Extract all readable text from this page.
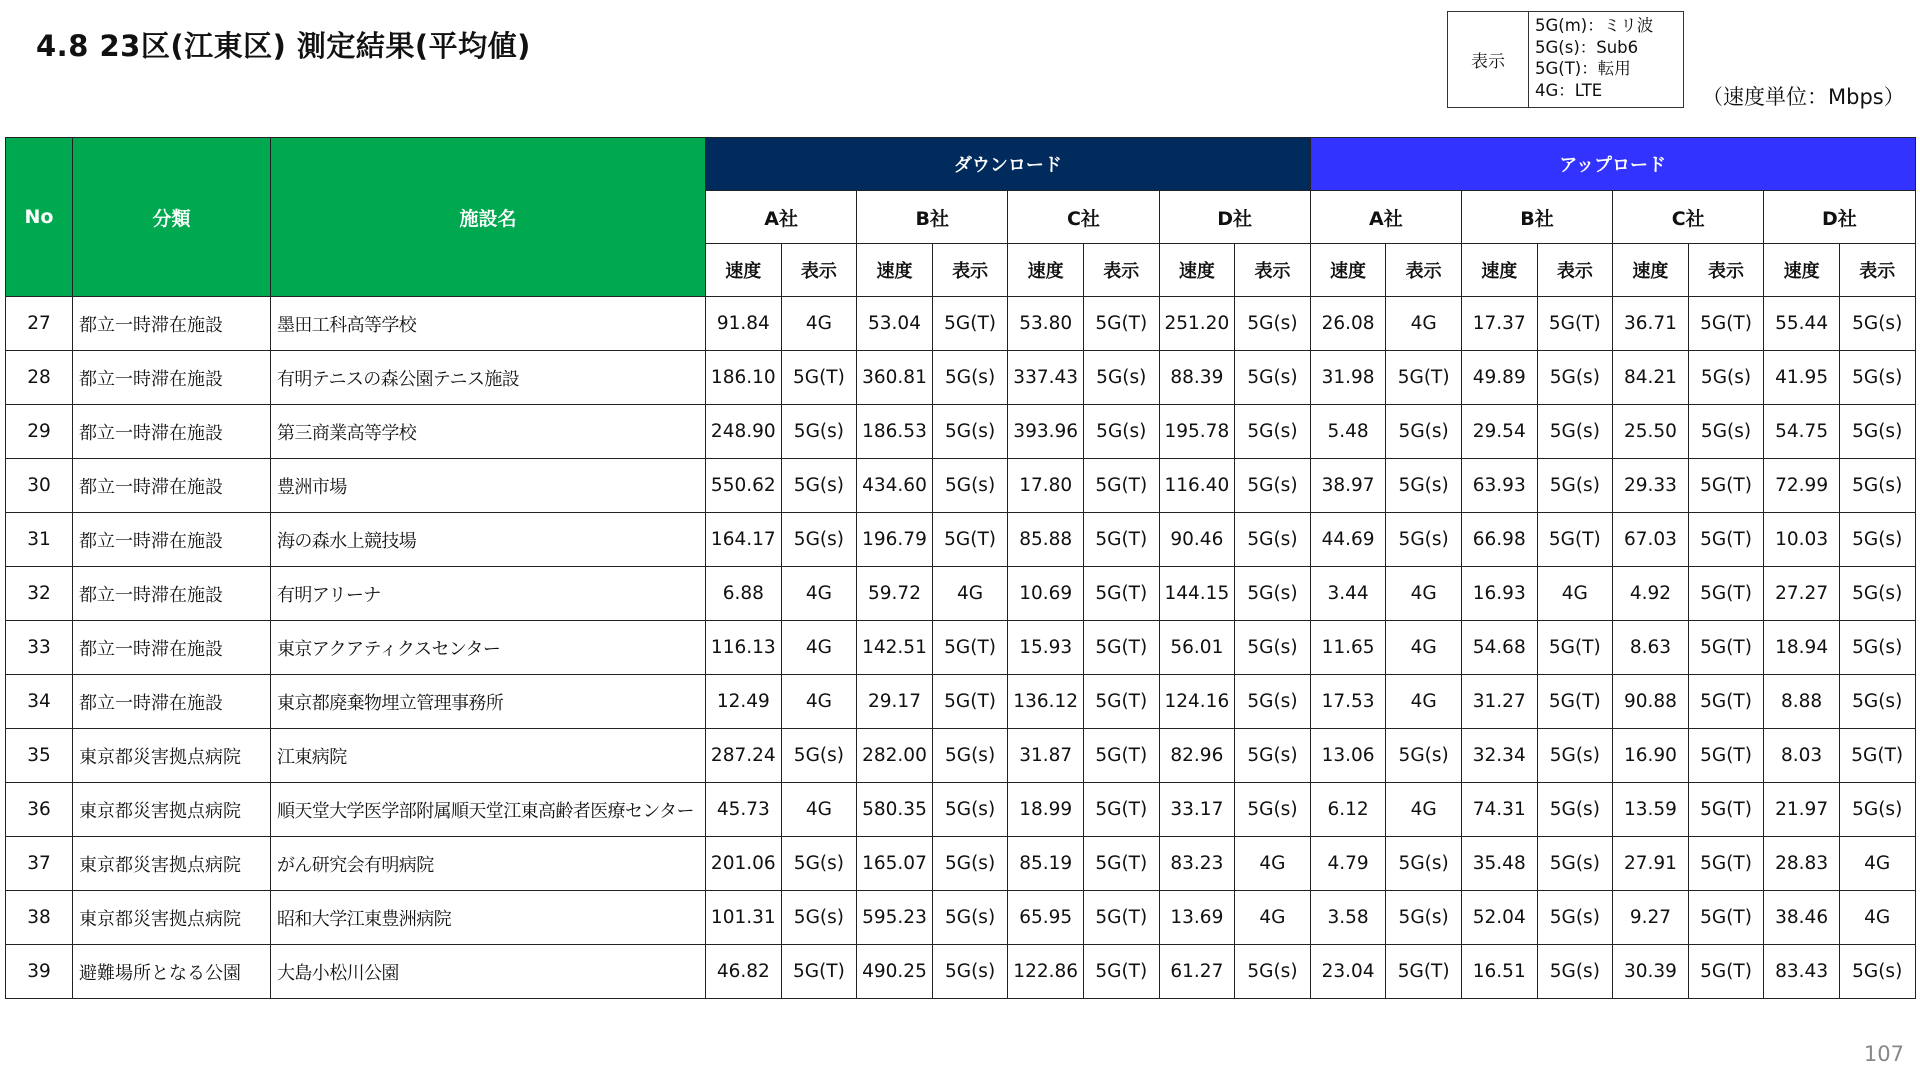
4.8 23区(江東区) 測定結果(平均値)	表示
5G(m)：ミリ波
5G(s)：Sub6
5G(T)：転用
4G：LTE	（速度単位：Mbps）
No	分類	施設名	ダウンロード								アップロード							
			A社		B社		C社		D社		A社		B社		C社		D社	
			速度	表示	速度	表示	速度	表示	速度	表示	速度	表示	速度	表示	速度	表示	速度	表示
27	都立一時滞在施設	墨田工科高等学校	91.84	4G	53.04	5G(T)	53.80	5G(T)	251.20	5G(s)	26.08	4G	17.37	5G(T)	36.71	5G(T)	55.44	5G(s)
28	都立一時滞在施設	有明テニスの森公園テニス施設	186.10	5G(T)	360.81	5G(s)	337.43	5G(s)	88.39	5G(s)	31.98	5G(T)	49.89	5G(s)	84.21	5G(s)	41.95	5G(s)
29	都立一時滞在施設	第三商業高等学校	248.90	5G(s)	186.53	5G(s)	393.96	5G(s)	195.78	5G(s)	5.48	5G(s)	29.54	5G(s)	25.50	5G(s)	54.75	5G(s)
30	都立一時滞在施設	豊洲市場	550.62	5G(s)	434.60	5G(s)	17.80	5G(T)	116.40	5G(s)	38.97	5G(s)	63.93	5G(s)	29.33	5G(T)	72.99	5G(s)
31	都立一時滞在施設	海の森水上競技場	164.17	5G(s)	196.79	5G(T)	85.88	5G(T)	90.46	5G(s)	44.69	5G(s)	66.98	5G(T)	67.03	5G(T)	10.03	5G(s)
32	都立一時滞在施設	有明アリーナ	6.88	4G	59.72	4G	10.69	5G(T)	144.15	5G(s)	3.44	4G	16.93	4G	4.92	5G(T)	27.27	5G(s)
33	都立一時滞在施設	東京アクアティクスセンター	116.13	4G	142.51	5G(T)	15.93	5G(T)	56.01	5G(s)	11.65	4G	54.68	5G(T)	8.63	5G(T)	18.94	5G(s)
34	都立一時滞在施設	東京都廃棄物埋立管理事務所	12.49	4G	29.17	5G(T)	136.12	5G(T)	124.16	5G(s)	17.53	4G	31.27	5G(T)	90.88	5G(T)	8.88	5G(s)
35	東京都災害拠点病院	江東病院	287.24	5G(s)	282.00	5G(s)	31.87	5G(T)	82.96	5G(s)	13.06	5G(s)	32.34	5G(s)	16.90	5G(T)	8.03	5G(T)
36	東京都災害拠点病院	順天堂大学医学部附属順天堂江東高齢者医療センター	45.73	4G	580.35	5G(s)	18.99	5G(T)	33.17	5G(s)	6.12	4G	74.31	5G(s)	13.59	5G(T)	21.97	5G(s)
37	東京都災害拠点病院	がん研究会有明病院	201.06	5G(s)	165.07	5G(s)	85.19	5G(T)	83.23	4G	4.79	5G(s)	35.48	5G(s)	27.91	5G(T)	28.83	4G
38	東京都災害拠点病院	昭和大学江東豊洲病院	101.31	5G(s)	595.23	5G(s)	65.95	5G(T)	13.69	4G	3.58	5G(s)	52.04	5G(s)	9.27	5G(T)	38.46	4G
39	避難場所となる公園	大島小松川公園	46.82	5G(T)	490.25	5G(s)	122.86	5G(T)	61.27	5G(s)	23.04	5G(T)	16.51	5G(s)	30.39	5G(T)	83.43	5G(s)
107
